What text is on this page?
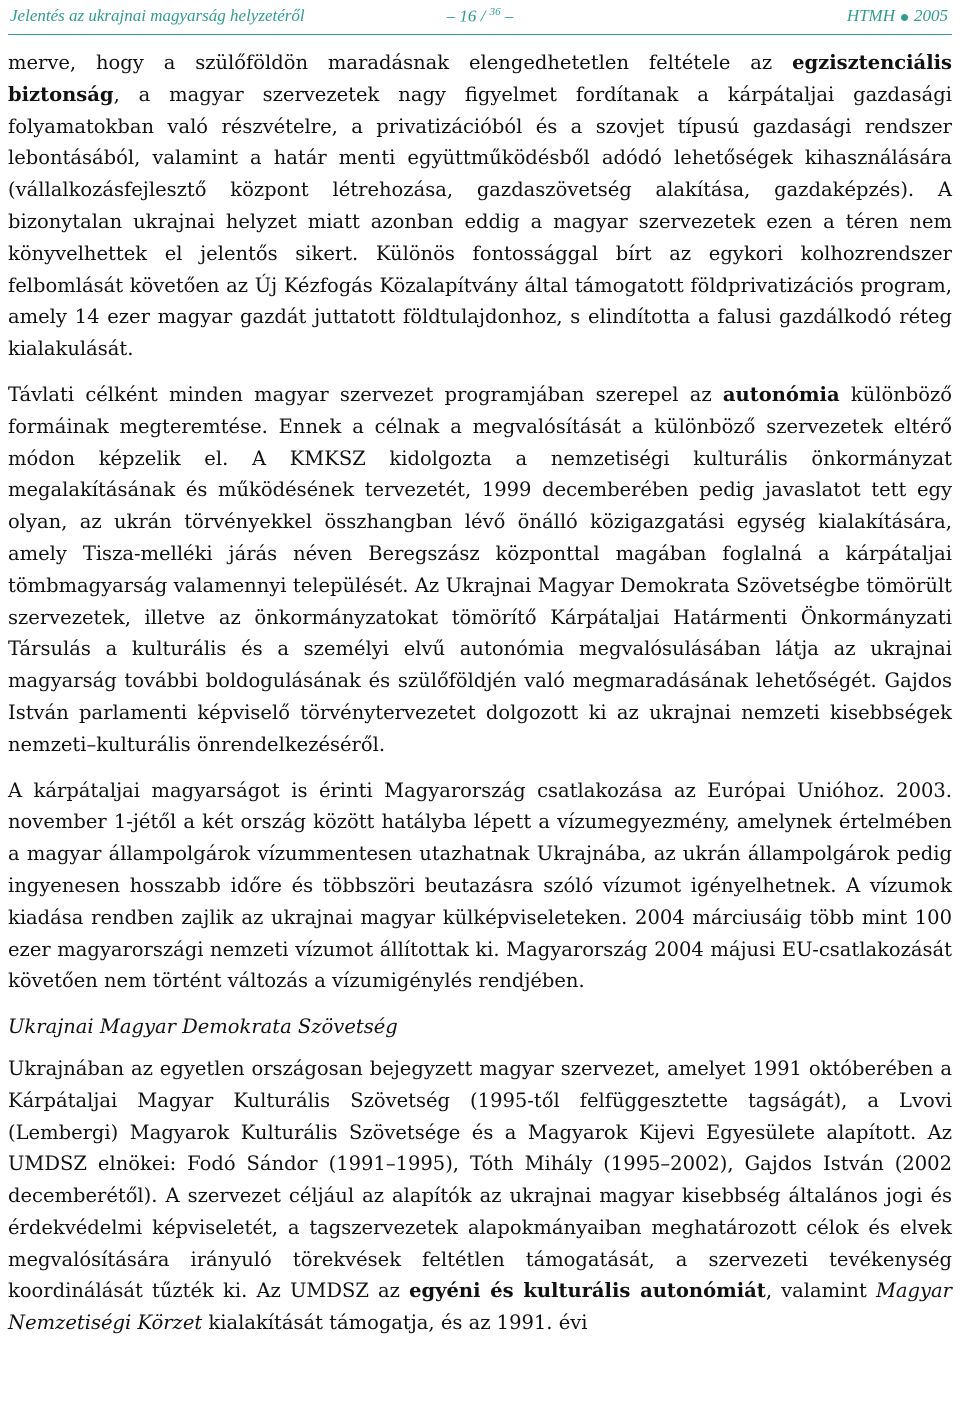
Jelentés az ukrajnai magyarság helyzetéről	– 16 / $^{36}$ –	HTMH 2005

merve, hogy a szülőföldön maradásnak elengedhetetlen feltétele az egzisztenciális biztonság, a magyar szervezetek nagy figyelmet fordítanak a kárpátaljai gazdasági folyamatokban való részvételre, a privatizációból és a szovjet típusú gazdasági rendszer lebontásából, valamint a határ menti együttműködésből adódó lehetőségek kihasználására (vállalkozásfejlesztő központ létrehozása, gazdaszövetség alakítása, gazdaképzés). A bizonytalan ukrajnai helyzet miatt azonban eddig a magyar szervezetek ezen a téren nem könyvelhettek el jelentős sikert. Különös fontossággal bírt az egykori kolhozrendszer felbomlását követően az Új Kézfogás Közalapítvány által támogatott földprivatizációs program, amely 14 ezer magyar gazdát juttatott földtulajdonhoz, s elindította a falusi gazdálkodó réteg kialakulását.

Távlati célként minden magyar szervezet programjában szerepel az autonómia különböző formáinak megteremtése. Ennek a célnak a megvalósítását a különböző szervezetek eltérő módon képzelik el. A KMKSZ kidolgozta a nemzetiségi kulturális önkormányzat megalakításának és működésének tervezetét, 1999 decemberében pedig javaslatot tett egy olyan, az ukrán törvényekkel összhangban lévő önálló közigazgatási egység kialakítására, amely Tisza-melléki járás néven Beregszász központtal magában foglalná a kárpátaljai tömbmagyarság valamennyi települését. Az Ukrajnai Magyar Demokrata Szövetségbe tömörült szervezetek, illetve az önkormányzatokat tömörítő Kárpátaljai Határmenti Önkormányzati Társulás a kulturális és a személyi elvű autonómia megvalósulásában látja az ukrajnai magyarság további boldogulásának és szülőföldjén való megmaradásának lehetőségét. Gajdos István parlamenti képviselő törvénytervezetet dolgozott ki az ukrajnai nemzeti kisebbségek nemzeti–kulturális önrendelkezéséről.

A kárpátaljai magyarságot is érinti Magyarország csatlakozása az Európai Unióhoz. 2003. november 1-jétől a két ország között hatályba lépett a vízumegyezmény, amelynek értelmében a magyar állampolgárok vízummentesen utazhatnak Ukrajnába, az ukrán állampolgárok pedig ingyenesen hosszabb időre és többszöri beutazásra szóló vízumot igényelhetnek. A vízumok kiadása rendben zajlik az ukrajnai magyar külképviseleteken. 2004 márciusáig több mint 100 ezer magyarországi nemzeti vízumot állítottak ki. Magyarország 2004 májusi EU-csatlakozását követően nem történt változás a vízumigénylés rendjében.

Ukrajnai Magyar Demokrata Szövetség

Ukrajnában az egyetlen országosan bejegyzett magyar szervezet, amelyet 1991 októberében a Kárpátaljai Magyar Kulturális Szövetség (1995-től felfüggesztette tagságát), a Lvovi (Lembergi) Magyarok Kulturális Szövetsége és a Magyarok Kijevi Egyesülete alapított. Az UMDSZ elnökei: Fodó Sándor (1991–1995), Tóth Mihály (1995–2002), Gajdos István (2002 decemberétől). A szervezet céljául az alapítók az ukrajnai magyar kisebbség általános jogi és érdekvédelmi képviseletét, a tagszervezetek alapokmányaiban meghatározott célok és elvek megvalósítására irányuló törekvések feltétlen támogatását, a szervezeti tevékenység koordinálását tűzték ki. Az UMDSZ az egyéni és kulturális autonómiát, valamint Magyar Nemzetiségi Körzet kialakítását támogatja, és az 1991. évi
